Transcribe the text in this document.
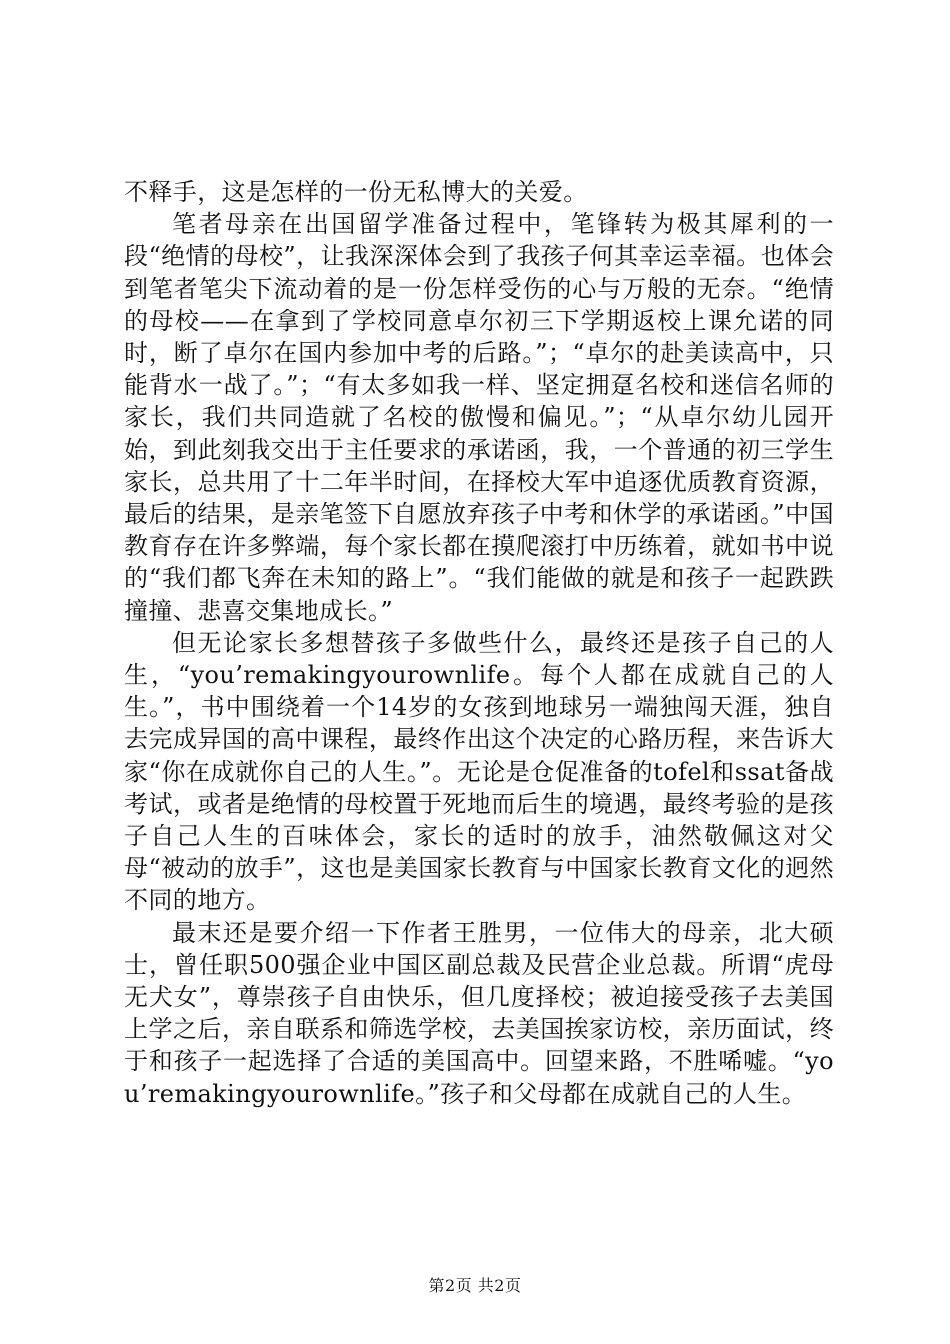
不释手，这是怎样的一份无私博大的关爱。

笔者母亲在出国留学准备过程中，笔锋转为极其犀利的一段“绝情的母校”，让我深深体会到了我孩子何其幸运幸福。也体会到笔者笔尖下流动着的是一份怎样受伤的心与万般的无奈。“绝情的母校——在拿到了学校同意卓尔初三下学期返校上课允诺的同时，断了卓尔在国内参加中考的后路。”；“卓尔的赴美读高中，只能背水一战了。”；“有太多如我一样、坚定拥趸名校和迷信名师的家长，我们共同造就了名校的傲慢和偏见。”；“从卓尔幼儿园开始，到此刻我交出于主任要求的承诺函，我，一个普通的初三学生家长，总共用了十二年半时间，在择校大军中追逐优质教育资源，最后的结果，是亲笔签下自愿放弃孩子中考和休学的承诺函。”中国教育存在许多弊端，每个家长都在摸爬滚打中历练着，就如书中说的“我们都飞奔在未知的路上”。“我们能做的就是和孩子一起跌跌撞撞、悲喜交集地成长。”

但无论家长多想替孩子多做些什么，最终还是孩子自己的人生，“you’remakingyourownlife。每个人都在成就自己的人生。”，书中围绕着一个14岁的女孩到地球另一端独闯天涯，独自去完成异国的高中课程，最终作出这个决定的心路历程，来告诉大家“你在成就你自己的人生。”。无论是仓促准备的tofel和ssat备战考试，或者是绝情的母校置于死地而后生的境遇，最终考验的是孩子自己人生的百味体会，家长的适时的放手，油然敬佩这对父母“被动的放手”，这也是美国家长教育与中国家长教育文化的迥然不同的地方。

最末还是要介绍一下作者王胜男，一位伟大的母亲，北大硕士，曾任职500强企业中国区副总裁及民营企业总裁。所谓“虎母无犬女”，尊崇孩子自由快乐，但几度择校；被迫接受孩子去美国上学之后，亲自联系和筛选学校，去美国挨家访校，亲历面试，终于和孩子一起选择了合适的美国高中。回望来路，不胜唏嘘。“you’remakingyourownlife。”孩子和父母都在成就自己的人生。

第2页 共2页
